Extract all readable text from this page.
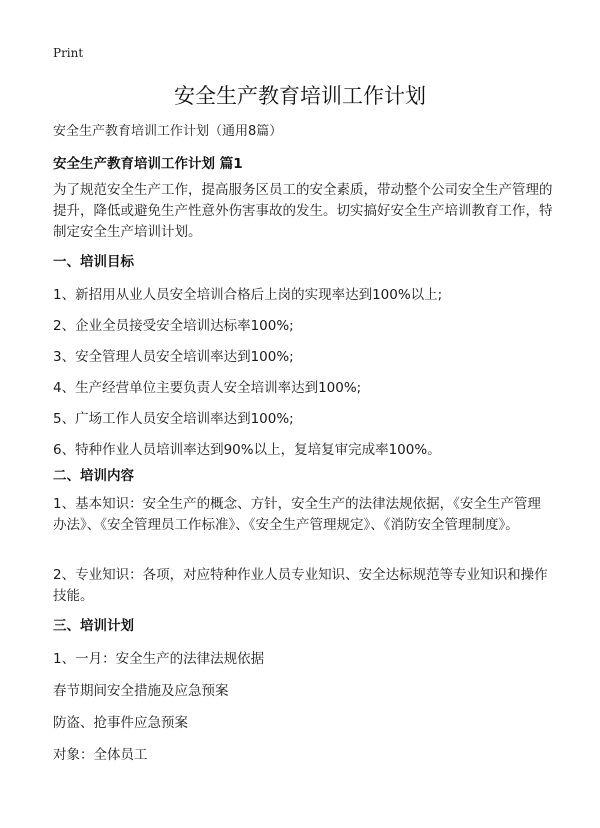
Print
安全生产教育培训工作计划
安全生产教育培训工作计划（通用8篇）
安全生产教育培训工作计划 篇1

为了规范安全生产工作，提高服务区员工的安全素质，带动整个公司安全生产管理的提升，降低或避免生产性意外伤害事故的发生。切实搞好安全生产培训教育工作，特制定安全生产培训计划。

一、培训目标
1、新招用从业人员安全培训合格后上岗的实现率达到100%以上;
2、企业全员接受安全培训达标率100%;
3、安全管理人员安全培训率达到100%;
4、生产经营单位主要负责人安全培训率达到100%;
5、广场工作人员安全培训率达到100%;
6、特种作业人员培训率达到90%以上，复培复审完成率100%。
二、培训内容

1、基本知识：安全生产的概念、方针，安全生产的法律法规依据，《安全生产管理办法》、《安全管理员工作标准》、《安全生产管理规定》、《消防安全管理制度》。

2、专业知识：各项，对应特种作业人员专业知识、安全达标规范等专业知识和操作技能。

三、培训计划
1、一月：安全生产的法律法规依据
春节期间安全措施及应急预案
防盗、抢事件应急预案
对象：全体员工
